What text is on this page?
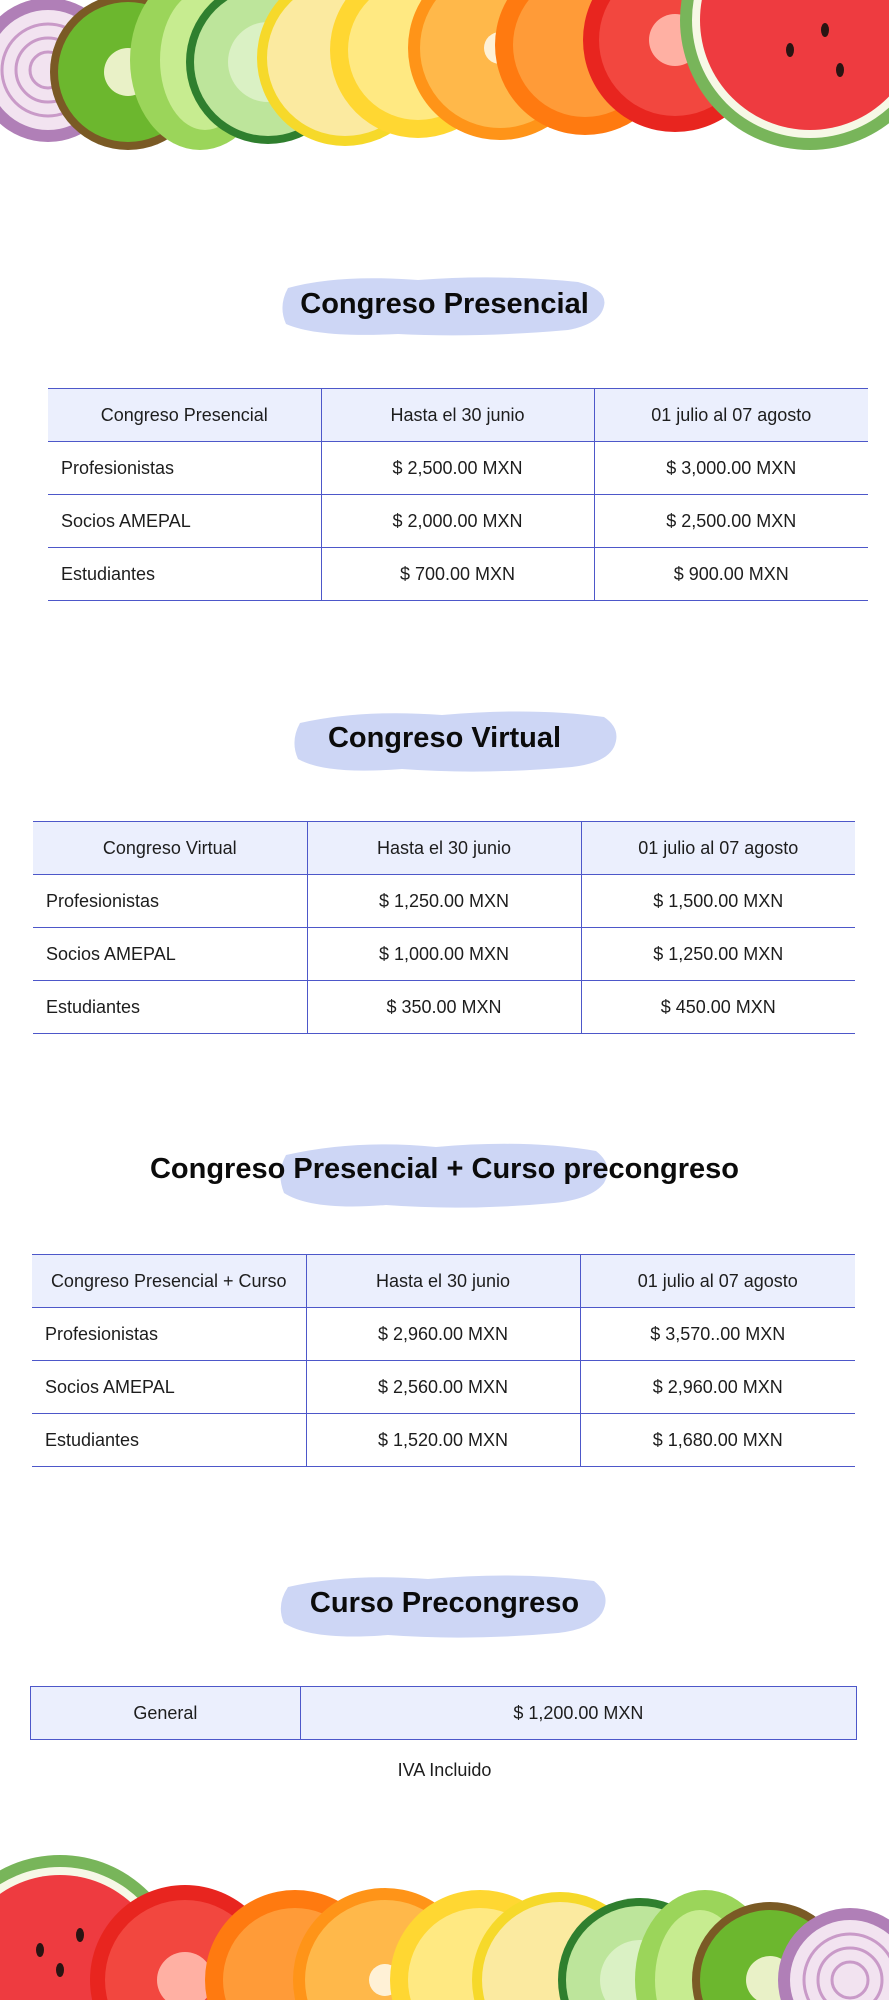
Congreso Presencial
Congreso Presencial	Hasta el 30 junio	01 julio al 07 agosto
Profesionistas	$ 2,500.00 MXN	$ 3,000.00 MXN
Socios AMEPAL	$ 2,000.00 MXN	$ 2,500.00 MXN
Estudiantes	$ 700.00 MXN	$ 900.00 MXN
Congreso Virtual
Congreso Virtual	Hasta el 30 junio	01 julio al 07 agosto
Profesionistas	$ 1,250.00 MXN	$ 1,500.00 MXN
Socios AMEPAL	$ 1,000.00 MXN	$ 1,250.00 MXN
Estudiantes	$ 350.00 MXN	$ 450.00 MXN
Congreso Presencial + Curso precongreso
Congreso Presencial + Curso	Hasta el 30 junio	01 julio al 07 agosto
Profesionistas	$ 2,960.00 MXN	$ 3,570..00 MXN
Socios AMEPAL	$ 2,560.00 MXN	$ 2,960.00 MXN
Estudiantes	$ 1,520.00 MXN	$ 1,680.00 MXN
Curso Precongreso
General	$ 1,200.00 MXN
IVA Incluido
